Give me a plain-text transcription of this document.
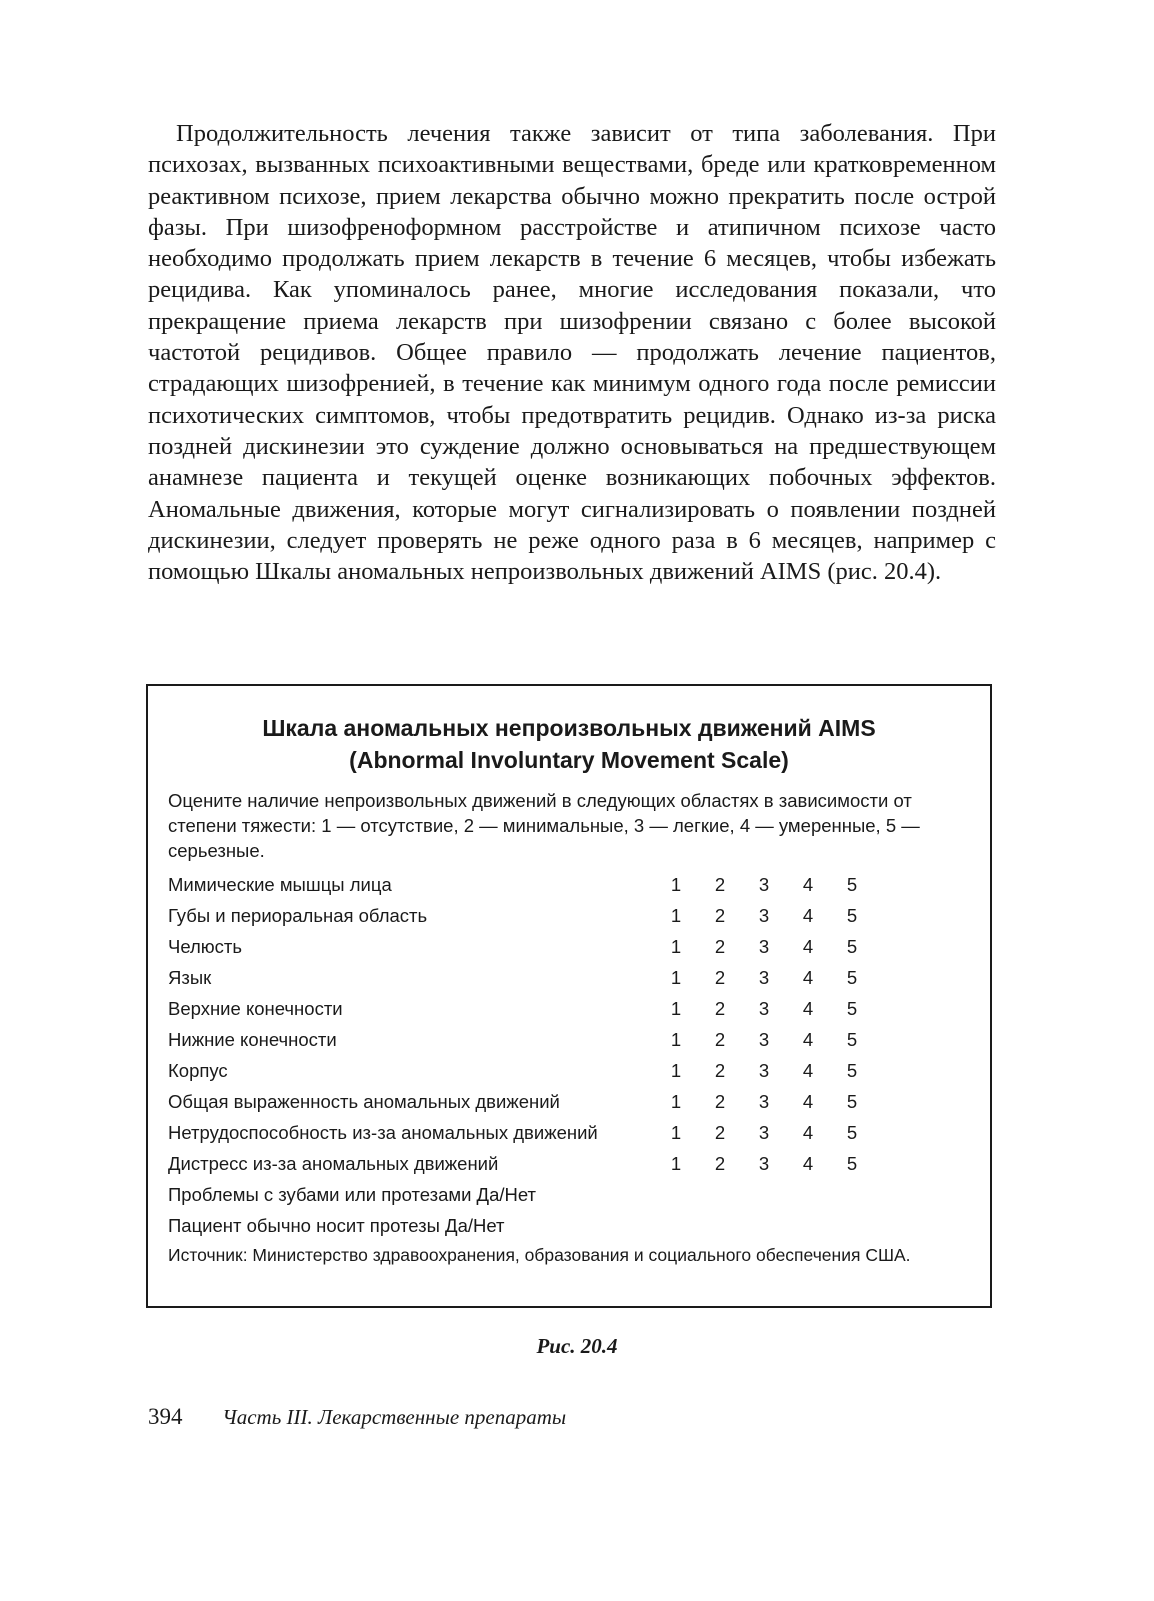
Продолжительность лечения также зависит от типа заболевания. При психозах, вызванных психоактивными веществами, бреде или кратковременном реактивном психозе, прием лекарства обычно можно прекратить после острой фазы. При шизофреноформном расстройстве и атипичном психозе часто необходимо продолжать прием лекарств в течение 6 месяцев, чтобы избежать рецидива. Как упоминалось ранее, многие исследования показали, что прекращение приема лекарств при шизофрении связано с более высокой частотой рецидивов. Общее правило — продолжать лечение пациентов, страдающих шизофренией, в течение как минимум одного года после ремиссии психотических симптомов, чтобы предотвратить рецидив. Однако из-за риска поздней дискинезии это суждение должно основываться на предшествующем анамнезе пациента и текущей оценке возникающих побочных эффектов. Аномальные движения, которые могут сигнализировать о появлении поздней дискинезии, следует проверять не реже одного раза в 6 месяцев, например с помощью Шкалы аномальных непроизвольных движений AIMS (рис. 20.4).

Шкала аномальных непроизвольных движений AIMS
(Abnormal Involuntary Movement Scale)
Оцените наличие непроизвольных движений в следующих областях в зависимости от степени тяжести: 1 — отсутствие, 2 — минимальные, 3 — легкие, 4 — умеренные, 5 — серьезные.
Мимические мышцы лица	1	2	3	4	5
Губы и периоральная область	1	2	3	4	5
Челюсть	1	2	3	4	5
Язык	1	2	3	4	5
Верхние конечности	1	2	3	4	5
Нижние конечности	1	2	3	4	5
Корпус	1	2	3	4	5
Общая выраженность аномальных движений	1	2	3	4	5
Нетрудоспособность из-за аномальных движений	1	2	3	4	5
Дистресс из-за аномальных движений	1	2	3	4	5
Проблемы с зубами или протезами Да/Нет
Пациент обычно носит протезы Да/Нет
Источник: Министерство здравоохранения, образования и социального обеспечения США.
Рис. 20.4
394 Часть III. Лекарственные препараты
